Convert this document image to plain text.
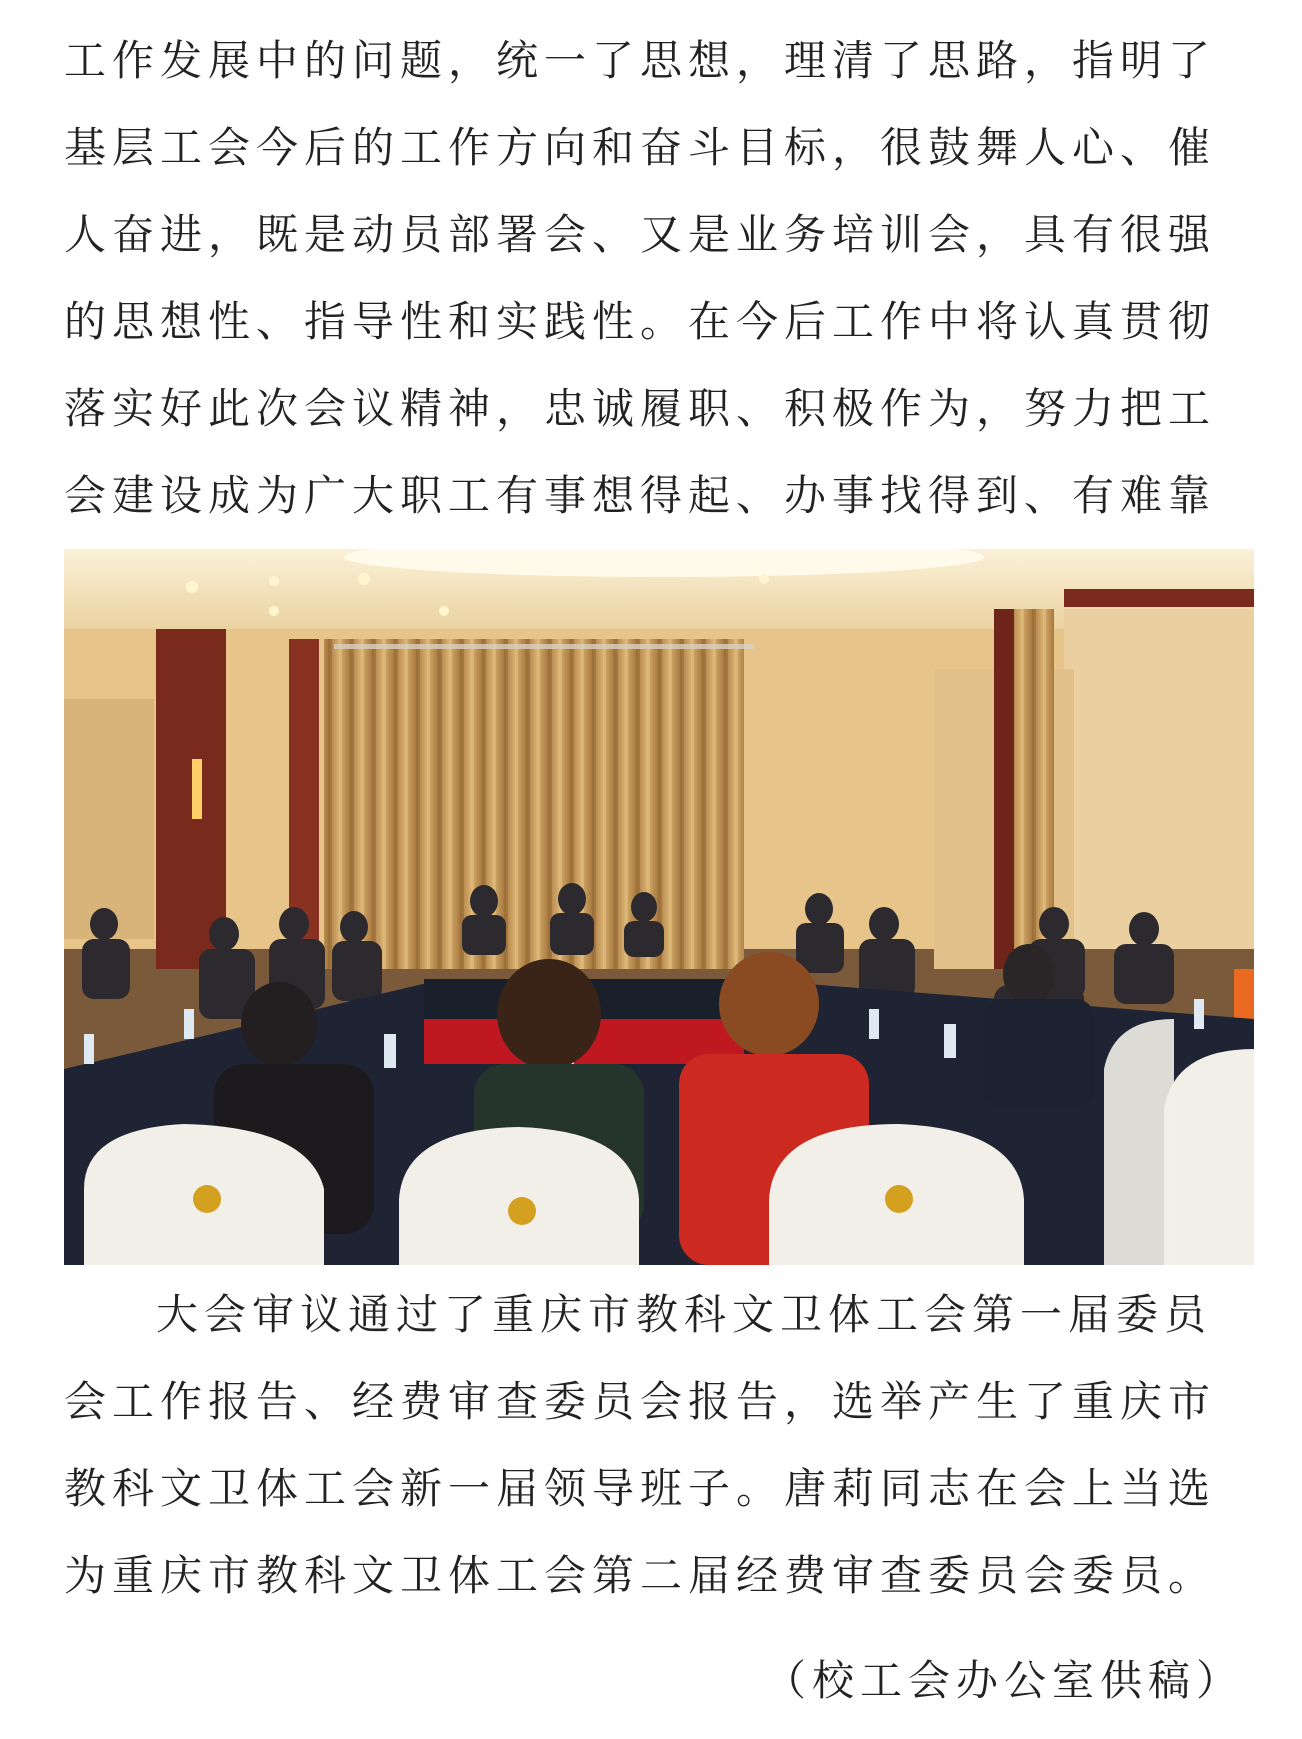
工作发展中的问题，统一了思想，理清了思路，指明了基层工会今后的工作方向和奋斗目标，很鼓舞人心、催人奋进，既是动员部署会、又是业务培训会，具有很强的思想性、指导性和实践性。在今后工作中将认真贯彻落实好此次会议精神，忠诚履职、积极作为，努力把工会建设成为广大职工有事想得起、办事找得到、有难靠

大会审议通过了重庆市教科文卫体工会第一届委员会工作报告、经费审查委员会报告，选举产生了重庆市教科文卫体工会新一届领导班子。唐莉同志在会上当选为重庆市教科文卫体工会第二届经费审查委员会委员。

（校工会办公室供稿）
